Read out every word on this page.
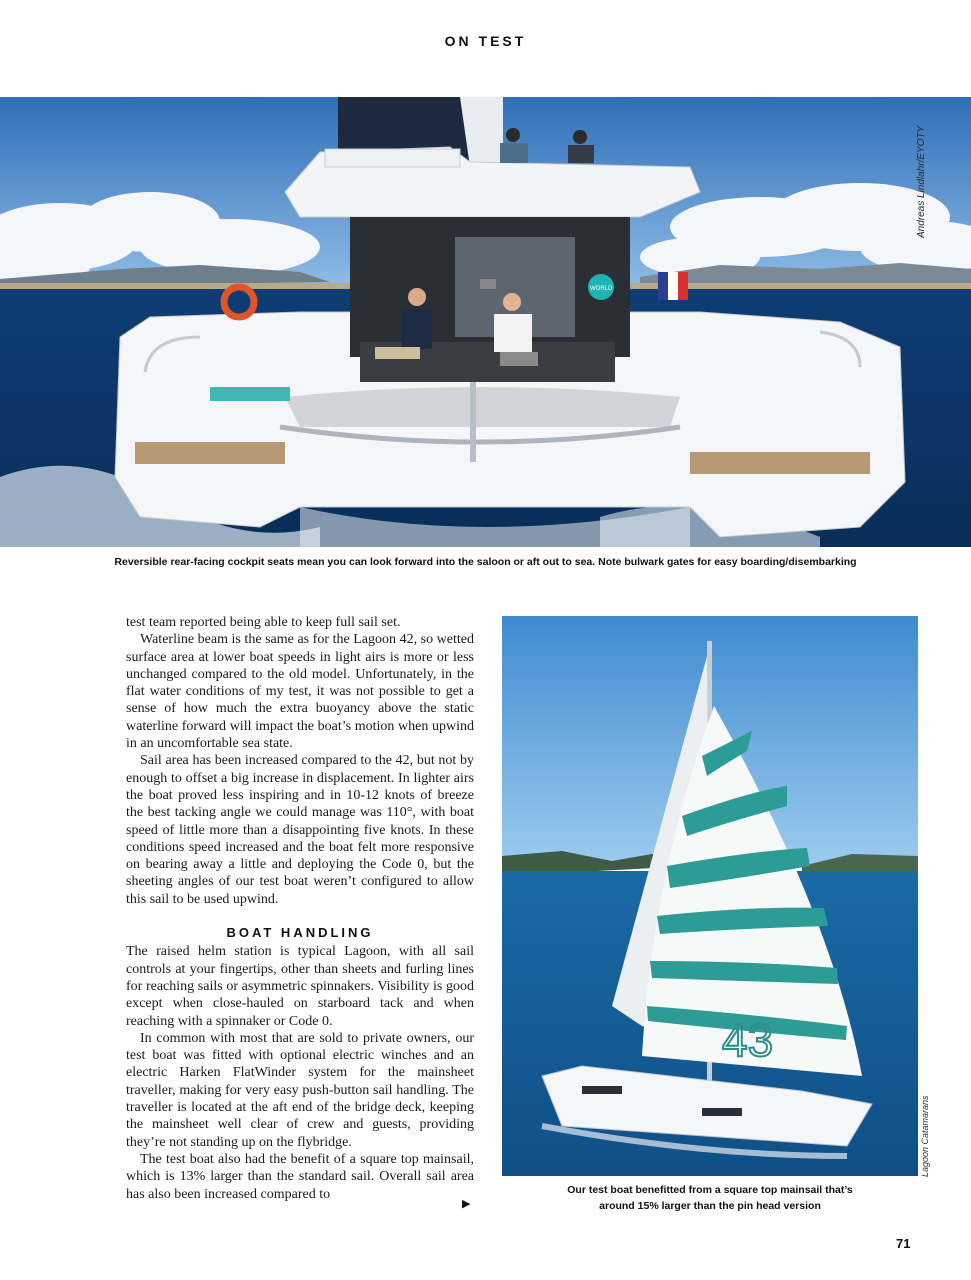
ON TEST
WORLD
Andreas Lindlahr/EYOTY
Reversible rear-facing cockpit seats mean you can look forward into the saloon or aft out to sea. Note bulwark gates for easy boarding/disembarking

test team reported being able to keep full sail set.

Waterline beam is the same as for the Lagoon 42, so wetted surface area at lower boat speeds in light airs is more or less unchanged compared to the old model. Unfortunately, in the flat water conditions of my test, it was not possible to get a sense of how much the extra buoyancy above the static waterline forward will impact the boat’s motion when upwind in an uncomfortable sea state.

Sail area has been increased compared to the 42, but not by enough to offset a big increase in displacement. In lighter airs the boat proved less inspiring and in 10-12 knots of breeze the best tacking angle we could manage was 110°, with boat speed of little more than a disappointing five knots. In these conditions speed increased and the boat felt more responsive on bearing away a little and deploying the Code 0, but the sheeting angles of our test boat weren’t configured to allow this sail to be used upwind.

BOAT HANDLING

The raised helm station is typical Lagoon, with all sail controls at your fingertips, other than sheets and furling lines for reaching sails or asymmetric spinnakers. Visibility is good except when close-hauled on starboard tack and when reaching with a spinnaker or Code 0.

In common with most that are sold to private owners, our test boat was fitted with optional electric winches and an electric Harken FlatWinder system for the mainsheet traveller, making for very easy push-button sail handling. The traveller is located at the aft end of the bridge deck, keeping the mainsheet well clear of crew and guests, providing they’re not standing up on the flybridge.

The test boat also had the benefit of a square top mainsail, which is 13% larger than the standard sail. Overall sail area has also been increased compared to

▶
43
Lagoon Catamarans
Our test boat benefitted from a square top mainsail that’s
around 15% larger than the pin head version
71
